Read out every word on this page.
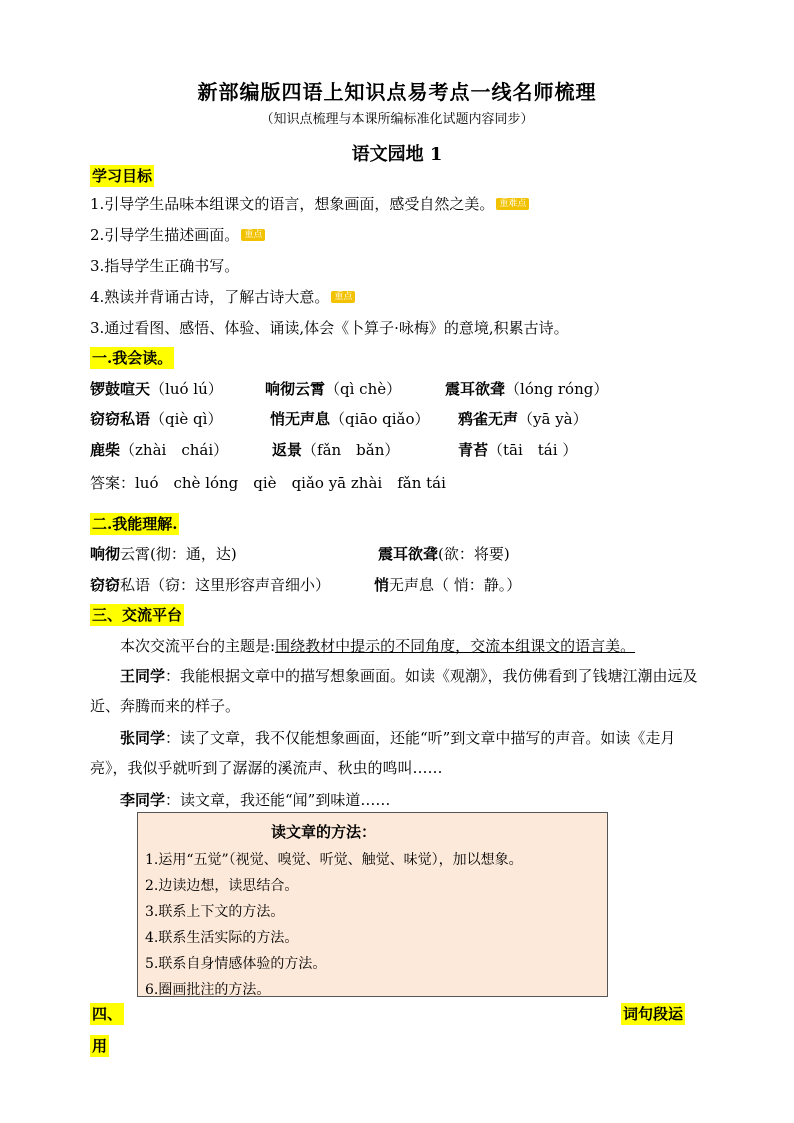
新部编版四语上知识点易考点一线名师梳理
（知识点梳理与本课所编标准化试题内容同步）
语文园地 1
学习目标
1.引导学生品味本组课文的语言，想象画面，感受自然之美。 重难点
2.引导学生描述画面。 重点
3.指导学生正确书写。
4.熟读并背诵古诗，了解古诗大意。 重点
3.通过看图、感悟、体验、诵读,体会《卜算子·咏梅》的意境,积累古诗。
一.我会读。
锣鼓喧天（luó lú）	响彻云霄（qì chè）	震耳欲聋（lóng róng）
窃窃私语（qiè qì）	悄无声息（qiāo qiǎo） 鸦雀无声（yā yà）
鹿柴（zhài　chái）	返景（fǎn　bǎn）	青苔（tāi　tái ）
答案：luó　chè lóng　qiè　qiǎo yā zhài　fǎn tái
二.我能理解.
响彻云霄(彻：通，达)	震耳欲聋(欲：将要)
窃窃私语（窃：这里形容声音细小）	悄无声息（ 悄：静。）
三、交流平台
本次交流平台的主题是:围绕教材中提示的不同角度，交流本组课文的语言美。
王同学：我能根据文章中的描写想象画面。如读《观潮》，我仿佛看到了钱塘江潮由远及近、奔腾而来的样子。
张同学：读了文章，我不仅能想象画面，还能“听”到文章中描写的声音。如读《走月亮》，我似乎就听到了潺潺的溪流声、秋虫的鸣叫……
李同学：读文章，我还能“闻”到味道……
读文章的方法：
1.运用“五觉”（视觉、嗅觉、听觉、触觉、味觉），加以想象。
2.边读边想，读思结合。
3.联系上下文的方法。
4.联系生活实际的方法。
5.联系自身情感体验的方法。
6.圈画批注的方法。
四、	词句段运
用
